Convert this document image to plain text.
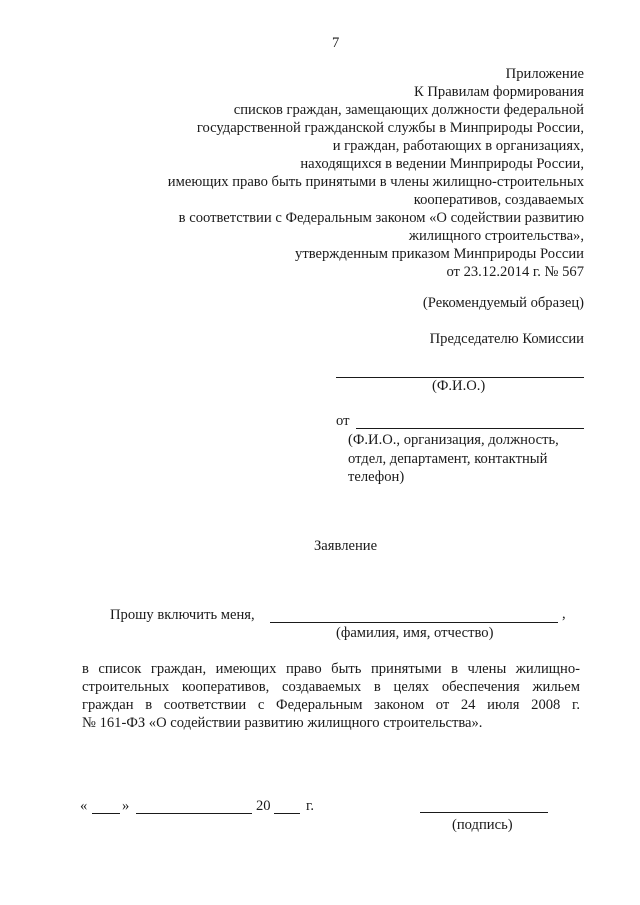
7
Приложение
К Правилам формирования
списков граждан, замещающих должности федеральной
государственной гражданской службы в Минприроды России,
и граждан, работающих в организациях,
находящихся в ведении Минприроды России,
имеющих право быть принятыми в члены жилищно-строительных
кооперативов, создаваемых
в соответствии с Федеральным законом «О содействии развитию
жилищного строительства»,
утвержденным приказом Минприроды России
от 23.12.2014 г. № 567
(Рекомендуемый образец)
Председателю Комиссии
(Ф.И.О.)
от
(Ф.И.О., организация, должность,
отдел, департамент, контактный
телефон)
Заявление
Прошу включить меня,	,
(фамилия, имя, отчество)
в список граждан, имеющих право быть принятыми в члены жилищно-
строительных кооперативов, создаваемых в целях обеспечения жильем
граждан в соответствии с Федеральным законом от 24 июля 2008 г.
№ 161-ФЗ «О содействии развитию жилищного строительства».
« »	20 г.
(подпись)
